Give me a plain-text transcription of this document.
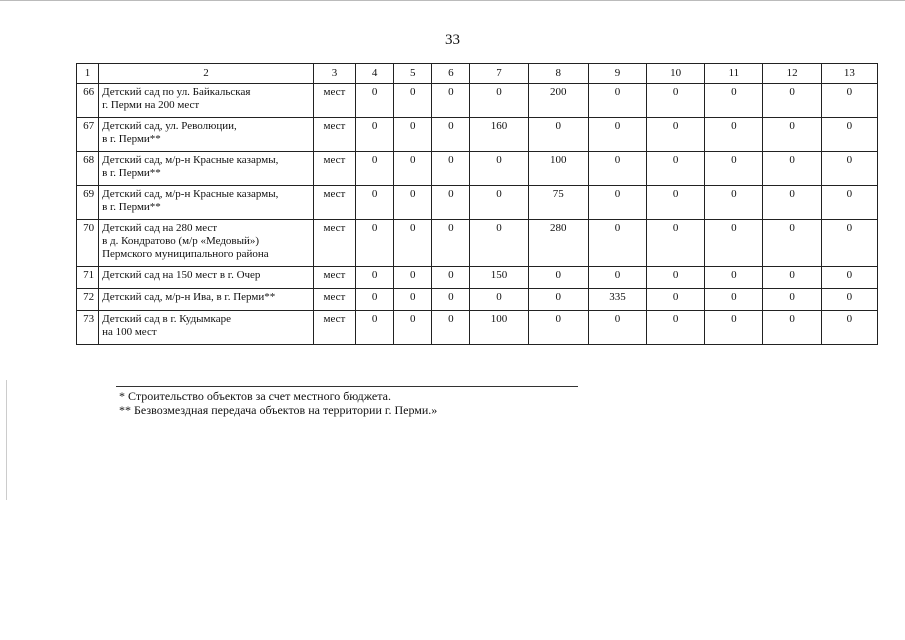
33
1	2	3	4	5	6	7	8	9	10	11	12	13
66	Детский сад по ул. Байкальская
г. Перми на 200 мест	мест	0	0	0	0	200	0	0	0	0	0
67	Детский сад, ул. Революции,
в г. Перми**	мест	0	0	0	160	0	0	0	0	0	0
68	Детский сад, м/р-н Красные казармы,
в г. Перми**	мест	0	0	0	0	100	0	0	0	0	0
69	Детский сад, м/р-н Красные казармы,
в г. Перми**	мест	0	0	0	0	75	0	0	0	0	0
70	Детский сад на 280 мест
в д. Кондратово (м/р «Медовый»)
Пермского муниципального района	мест	0	0	0	0	280	0	0	0	0	0
71	Детский сад на 150 мест в г. Очер	мест	0	0	0	150	0	0	0	0	0	0
72	Детский сад, м/р-н Ива, в г. Перми**	мест	0	0	0	0	0	335	0	0	0	0
73	Детский сад в г. Кудымкаре
на 100 мест	мест	0	0	0	100	0	0	0	0	0	0
* Строительство объектов за счет местного бюджета.
** Безвозмездная передача объектов на территории г. Перми.»
